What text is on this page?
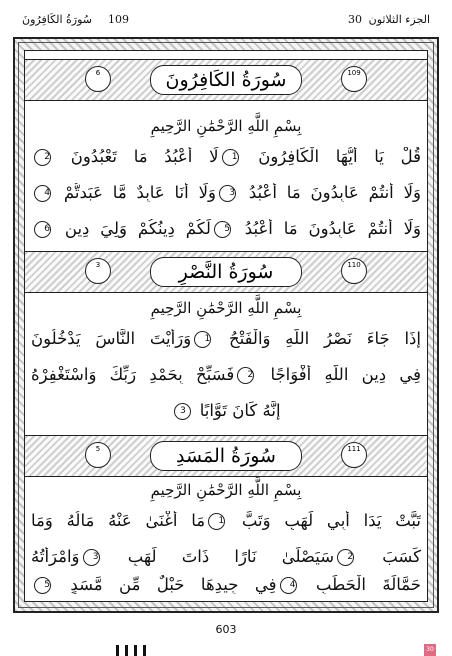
سُورَةُ الكَافِرُونَ 109	30 الجزء الثلاثون
6	سُورَةُ الكَافِرُونَ	109
بِسْمِ اللَّهِ الرَّحْمَٰنِ الرَّحِيمِ
قُلْ يَا أَيُّهَا الْكَافِرُونَ 1لَا أَعْبُدُ مَا تَعْبُدُونَ 2
وَلَا أَنتُمْ عَابِدُونَ مَا أَعْبُدُ 3وَلَا أَنَا عَابِدٌ مَّا عَبَدتُّمْ 4
وَلَا أَنتُمْ عَابِدُونَ مَا أَعْبُدُ 5لَكُمْ دِينُكُمْ وَلِيَ دِينِ 6
3	سُورَةُ النَّصْرِ	110
بِسْمِ اللَّهِ الرَّحْمَٰنِ الرَّحِيمِ
إِذَا جَاءَ نَصْرُ اللَّهِ وَالْفَتْحُ 1وَرَأَيْتَ النَّاسَ يَدْخُلُونَ
فِي دِينِ اللَّهِ أَفْوَاجًا 2فَسَبِّحْ بِحَمْدِ رَبِّكَ وَاسْتَغْفِرْهُ
إِنَّهُ كَانَ تَوَّابًا 3
5	سُورَةُ المَسَدِ	111
بِسْمِ اللَّهِ الرَّحْمَٰنِ الرَّحِيمِ
تَبَّتْ يَدَا أَبِي لَهَبٍ وَتَبَّ 1مَا أَغْنَىٰ عَنْهُ مَالُهُ وَمَا
كَسَبَ 2سَيَصْلَىٰ نَارًا ذَاتَ لَهَبٍ 3وَامْرَأَتُهُ
حَمَّالَةَ الْحَطَبِ 4فِي جِيدِهَا حَبْلٌ مِّن مَّسَدٍ 5
603
30
